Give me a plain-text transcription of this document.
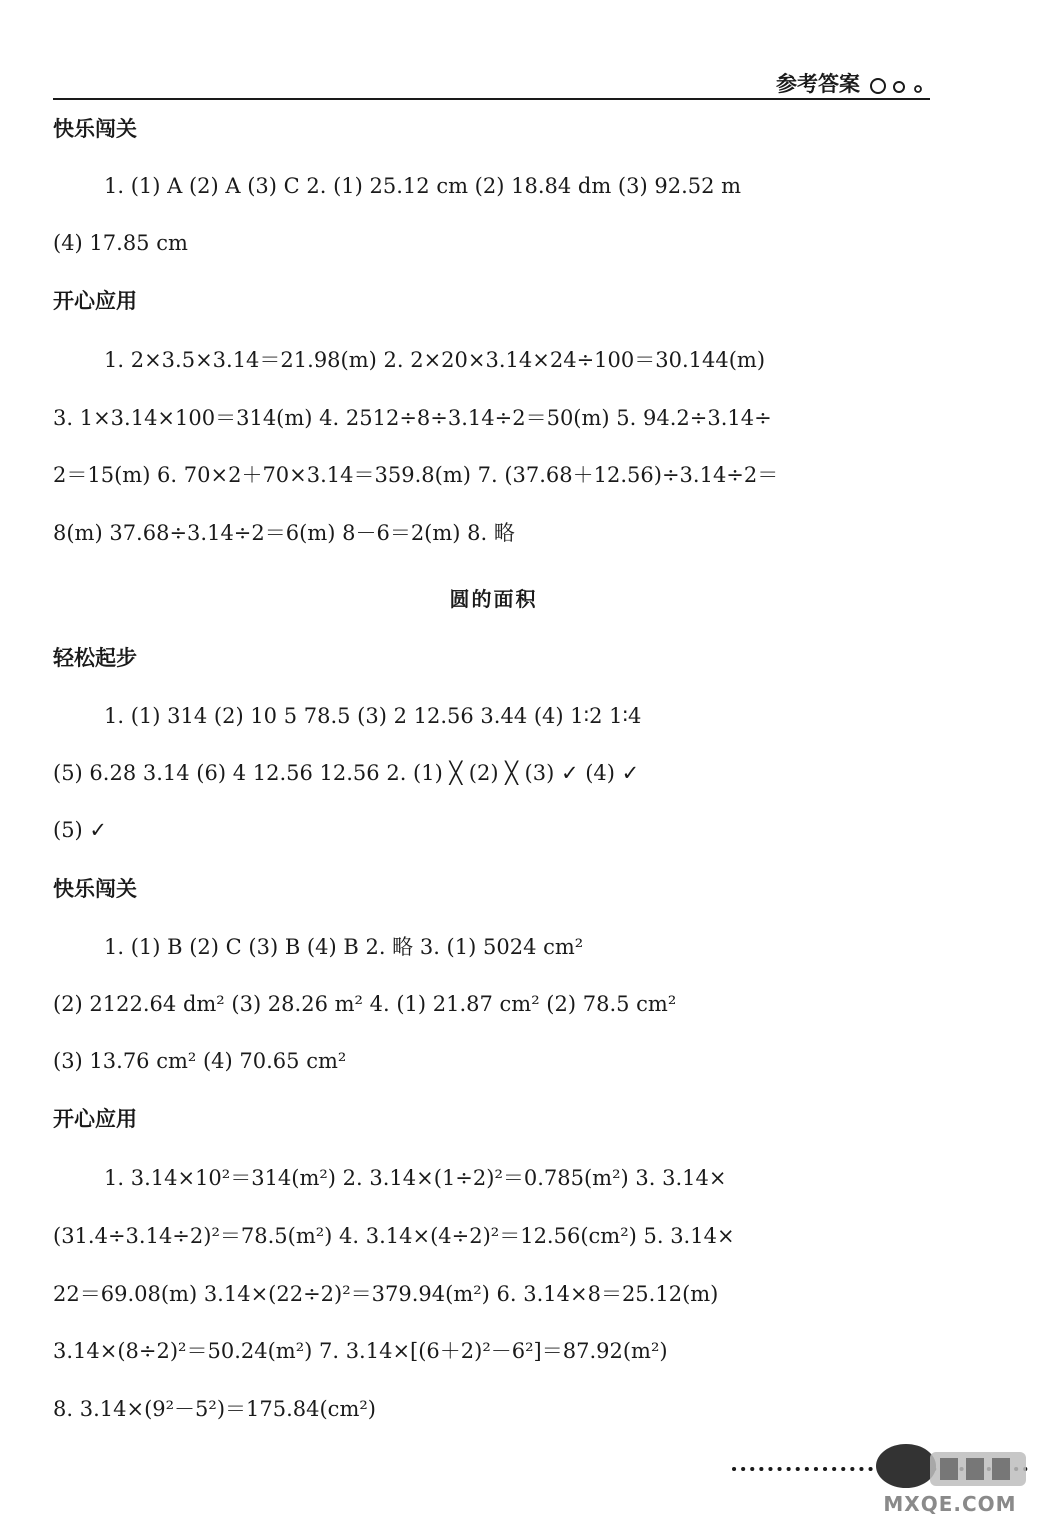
参考答案
快乐闯关

1. (1) A (2) A (3) C 2. (1) 25.12 cm (2) 18.84 dm (3) 92.52 m

(4) 17.85 cm

开心应用

1. 2×3.5×3.14＝21.98(m) 2. 2×20×3.14×24÷100＝30.144(m)

3. 1×3.14×100＝314(m) 4. 2512÷8÷3.14÷2＝50(m) 5. 94.2÷3.14÷

2＝15(m) 6. 70×2＋70×3.14＝359.8(m) 7. (37.68＋12.56)÷3.14÷2＝

8(m) 37.68÷3.14÷2＝6(m) 8－6＝2(m) 8. 略

圆的面积
轻松起步

1. (1) 314 (2) 10 5 78.5 (3) 2 12.56 3.44 (4) 1∶2 1∶4

(5) 6.28 3.14 (6) 4 12.56 12.56 2. (1) ╳ (2) ╳ (3) ✓ (4) ✓

(5) ✓

快乐闯关

1. (1) B (2) C (3) B (4) B 2. 略 3. (1) 5024 cm²

(2) 2122.64 dm² (3) 28.26 m² 4. (1) 21.87 cm² (2) 78.5 cm²

(3) 13.76 cm² (4) 70.65 cm²

开心应用

1. 3.14×10²＝314(m²) 2. 3.14×(1÷2)²＝0.785(m²) 3. 3.14×

(31.4÷3.14÷2)²＝78.5(m²) 4. 3.14×(4÷2)²＝12.56(cm²) 5. 3.14×

22＝69.08(m) 3.14×(22÷2)²＝379.94(m²) 6. 3.14×8＝25.12(m)

3.14×(8÷2)²＝50.24(m²) 7. 3.14×[(6＋2)²－6²]＝87.92(m²)

8. 3.14×(9²－5²)＝175.84(cm²)

MXQE.COM
